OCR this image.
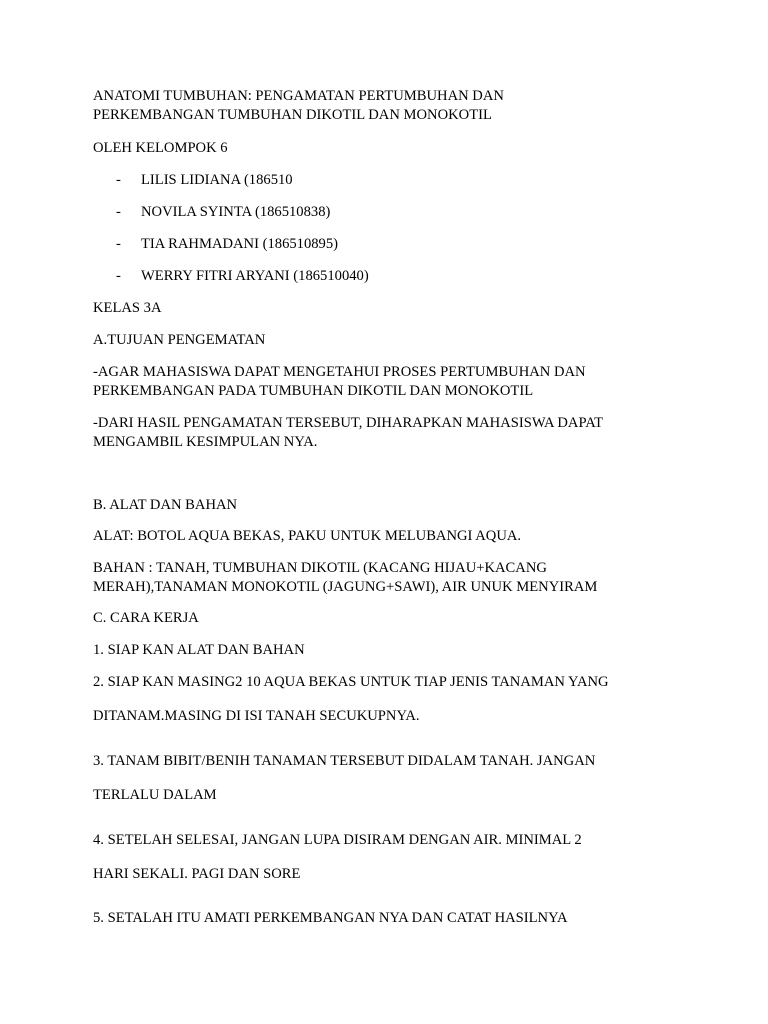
ANATOMI TUMBUHAN: PENGAMATAN PERTUMBUHAN DAN
PERKEMBANGAN TUMBUHAN DIKOTIL DAN MONOKOTIL
OLEH KELOMPOK 6
- LILIS LIDIANA (186510
- NOVILA SYINTA (186510838)
- TIA RAHMADANI (186510895)
- WERRY FITRI ARYANI (186510040)
KELAS 3A
A.TUJUAN PENGEMATAN
-AGAR MAHASISWA DAPAT MENGETAHUI PROSES PERTUMBUHAN DAN
PERKEMBANGAN PADA TUMBUHAN DIKOTIL DAN MONOKOTIL
-DARI HASIL PENGAMATAN TERSEBUT, DIHARAPKAN MAHASISWA DAPAT
MENGAMBIL KESIMPULAN NYA.
B. ALAT DAN BAHAN
ALAT: BOTOL AQUA BEKAS, PAKU UNTUK MELUBANGI AQUA.
BAHAN : TANAH, TUMBUHAN DIKOTIL (KACANG HIJAU+KACANG
MERAH),TANAMAN MONOKOTIL (JAGUNG+SAWI), AIR UNUK MENYIRAM
C. CARA KERJA
1. SIAP KAN ALAT DAN BAHAN
2. SIAP KAN MASING2 10 AQUA BEKAS UNTUK TIAP JENIS TANAMAN YANG
DITANAM.MASING DI ISI TANAH SECUKUPNYA.
3. TANAM BIBIT/BENIH TANAMAN TERSEBUT DIDALAM TANAH. JANGAN
TERLALU DALAM
4. SETELAH SELESAI, JANGAN LUPA DISIRAM DENGAN AIR. MINIMAL 2
HARI SEKALI. PAGI DAN SORE
5. SETALAH ITU AMATI PERKEMBANGAN NYA DAN CATAT HASILNYA
